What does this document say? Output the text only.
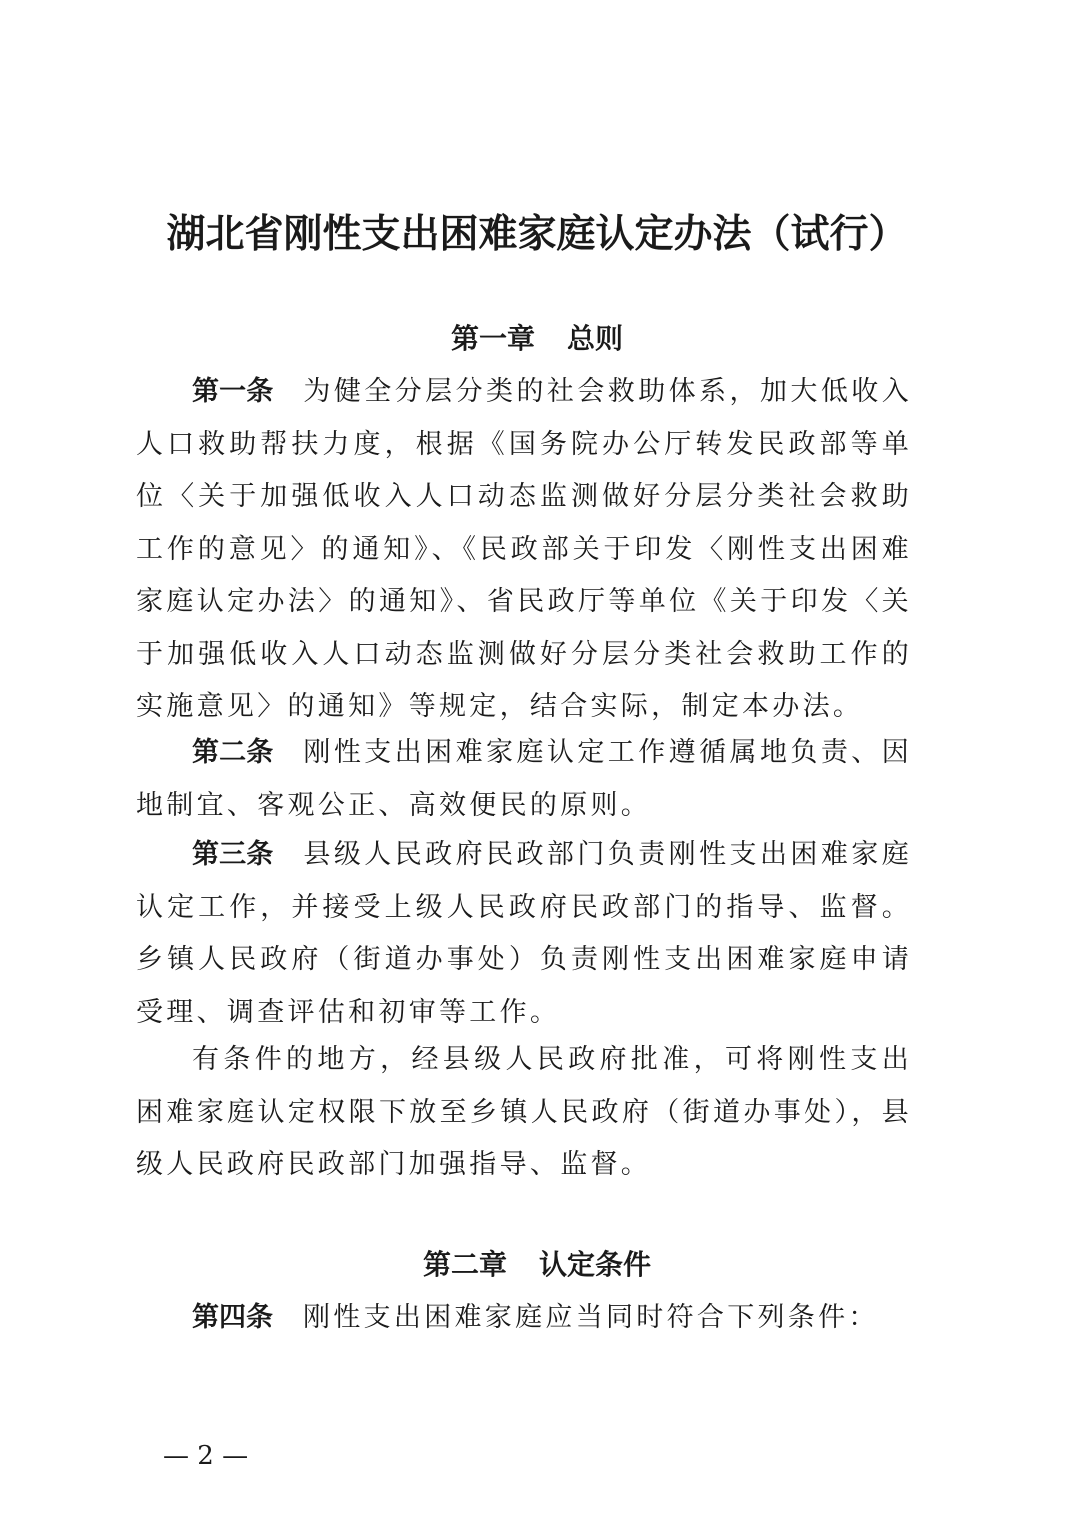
湖北省刚性支出困难家庭认定办法（试行）
第一章 总则

第一条 为健全分层分类的社会救助体系，加大低收入人口救助帮扶力度，根据《国务院办公厅转发民政部等单位〈关于加强低收入人口动态监测做好分层分类社会救助工作的意见〉的通知》、《民政部关于印发〈刚性支出困难家庭认定办法〉的通知》、省民政厅等单位《关于印发〈关于加强低收入人口动态监测做好分层分类社会救助工作的实施意见〉的通知》等规定，结合实际，制定本办法。

第二条 刚性支出困难家庭认定工作遵循属地负责、因地制宜、客观公正、高效便民的原则。

第三条 县级人民政府民政部门负责刚性支出困难家庭认定工作，并接受上级人民政府民政部门的指导、监督。乡镇人民政府（街道办事处）负责刚性支出困难家庭申请受理、调查评估和初审等工作。

有条件的地方，经县级人民政府批准，可将刚性支出困难家庭认定权限下放至乡镇人民政府（街道办事处），县级人民政府民政部门加强指导、监督。

第二章 认定条件

第四条 刚性支出困难家庭应当同时符合下列条件：

— 2 —
